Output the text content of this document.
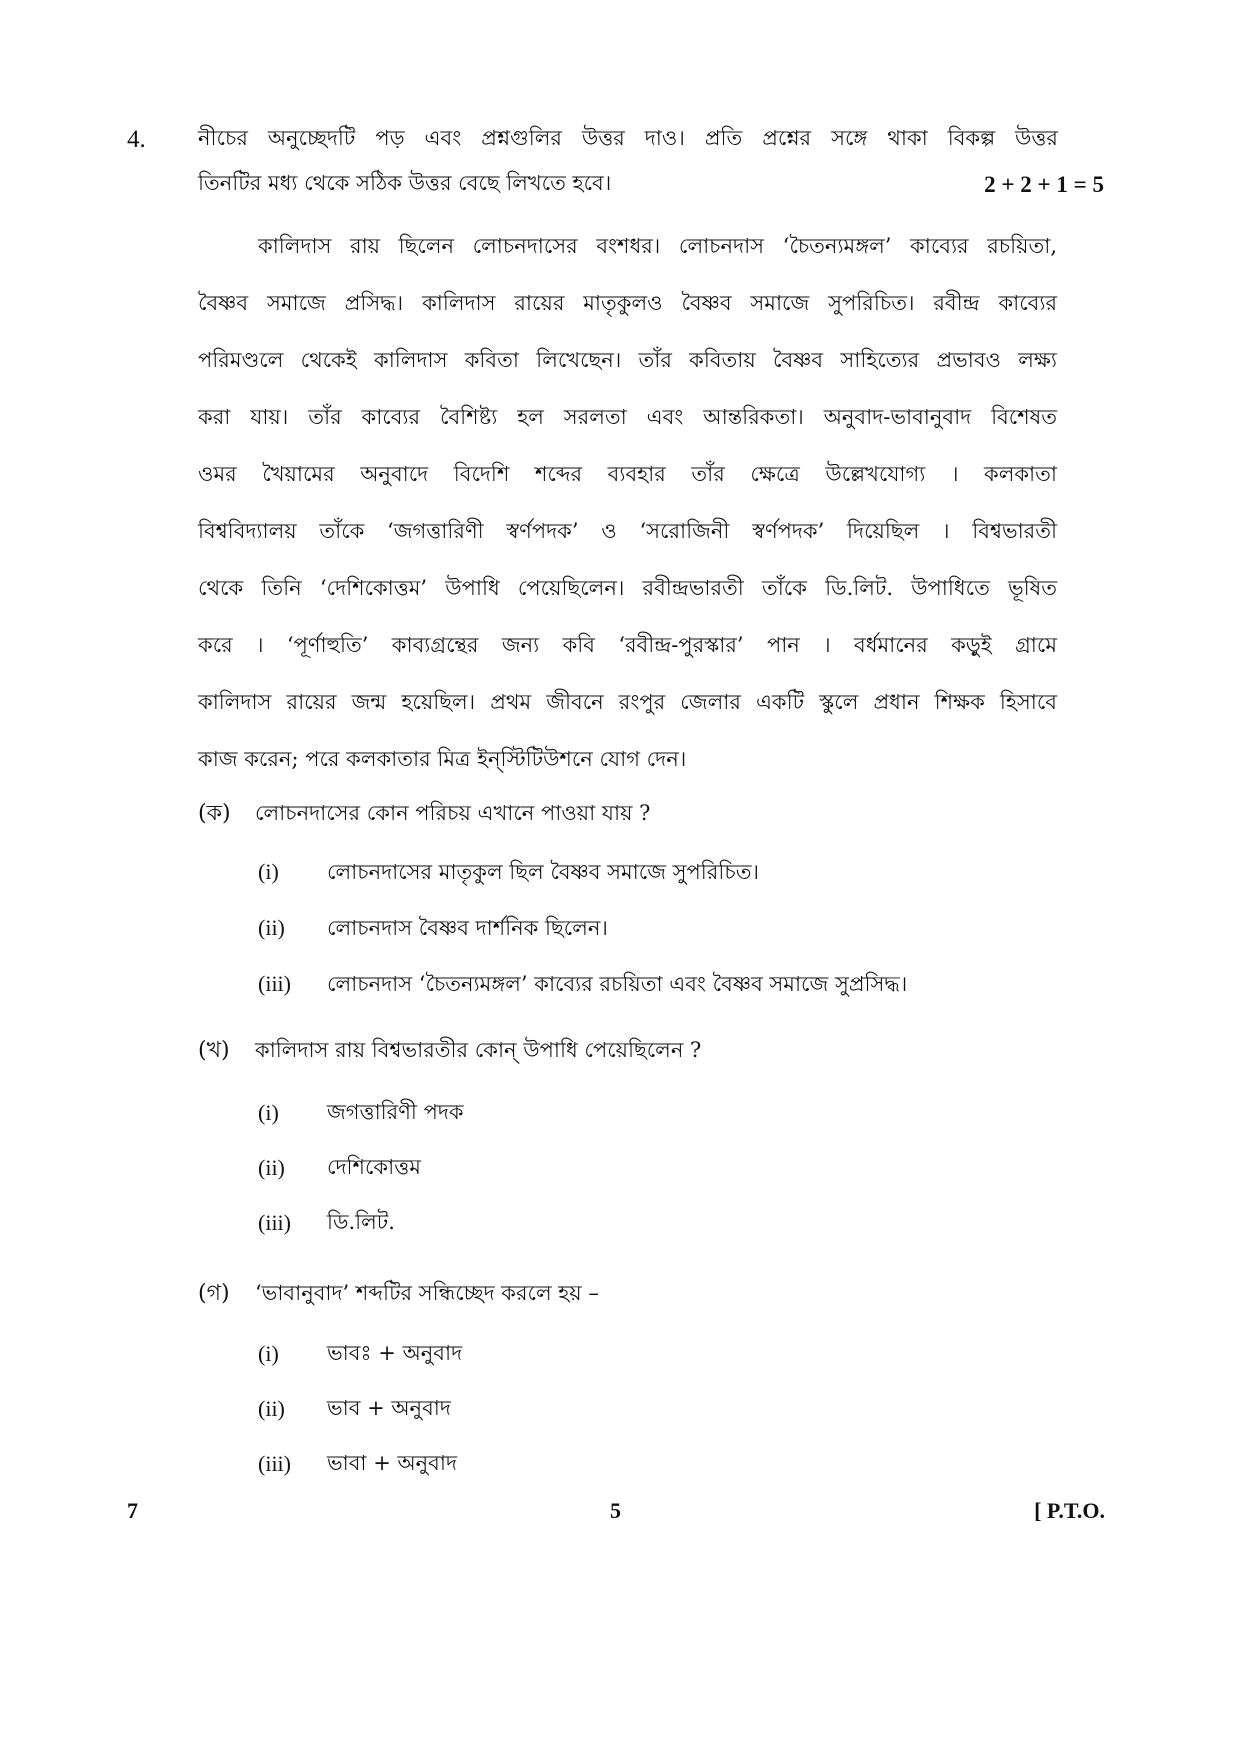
4. নীচের অনুচ্ছেদটি পড় এবং প্রশ্নগুলির উত্তর দাও। প্রতি প্রশ্নের সঙ্গে থাকা বিকল্প উত্তর
তিনটির মধ্য থেকে সঠিক উত্তর বেছে লিখতে হবে।	2 + 2 + 1 = 5
কালিদাস রায় ছিলেন লোচনদাসের বংশধর। লোচনদাস ‘চৈতন্যমঙ্গল’ কাব্যের রচয়িতা,
বৈষ্ণব সমাজে প্রসিদ্ধ। কালিদাস রায়ের মাতৃকুলও বৈষ্ণব সমাজে সুপরিচিত। রবীন্দ্র কাব্যের
পরিমণ্ডলে থেকেই কালিদাস কবিতা লিখেছেন। তাঁর কবিতায় বৈষ্ণব সাহিত্যের প্রভাবও লক্ষ্য
করা যায়। তাঁর কাব্যের বৈশিষ্ট্য হল সরলতা এবং আন্তরিকতা। অনুবাদ-ভাবানুবাদ বিশেষত
ওমর খৈয়ামের অনুবাদে বিদেশি শব্দের ব্যবহার তাঁর ক্ষেত্রে উল্লেখযোগ্য । কলকাতা
বিশ্ববিদ্যালয় তাঁকে ‘জগত্তারিণী স্বর্ণপদক’ ও ‘সরোজিনী স্বর্ণপদক’ দিয়েছিল । বিশ্বভারতী
থেকে তিনি ‘দেশিকোত্তম’ উপাধি পেয়েছিলেন। রবীন্দ্রভারতী তাঁকে ডি.লিট. উপাধিতে ভূষিত
করে । ‘পূর্ণাহুতি’ কাব্যগ্রন্থের জন্য কবি ‘রবীন্দ্র-পুরস্কার’ পান । বর্ধমানের কড়ুই গ্রামে
কালিদাস রায়ের জন্ম হয়েছিল। প্রথম জীবনে রংপুর জেলার একটি স্কুলে প্রধান শিক্ষক হিসাবে
কাজ করেন; পরে কলকাতার মিত্র ইন্‌স্টিটিউশনে যোগ দেন।
(ক) লোচনদাসের কোন পরিচয় এখানে পাওয়া যায় ?
(i) লোচনদাসের মাতৃকুল ছিল বৈষ্ণব সমাজে সুপরিচিত।
(ii) লোচনদাস বৈষ্ণব দার্শনিক ছিলেন।
(iii) লোচনদাস ‘চৈতন্যমঙ্গল’ কাব্যের রচয়িতা এবং বৈষ্ণব সমাজে সুপ্রসিদ্ধ।
(খ) কালিদাস রায় বিশ্বভারতীর কোন্‌ উপাধি পেয়েছিলেন ?
(i) জগত্তারিণী পদক
(ii) দেশিকোত্তম
(iii) ডি.লিট.
(গ) ‘ভাবানুবাদ’ শব্দটির সন্ধিচ্ছেদ করলে হয় –
(i) ভাবঃ + অনুবাদ
(ii) ভাব + অনুবাদ
(iii) ভাবা + অনুবাদ
7	5	[ P.T.O.
